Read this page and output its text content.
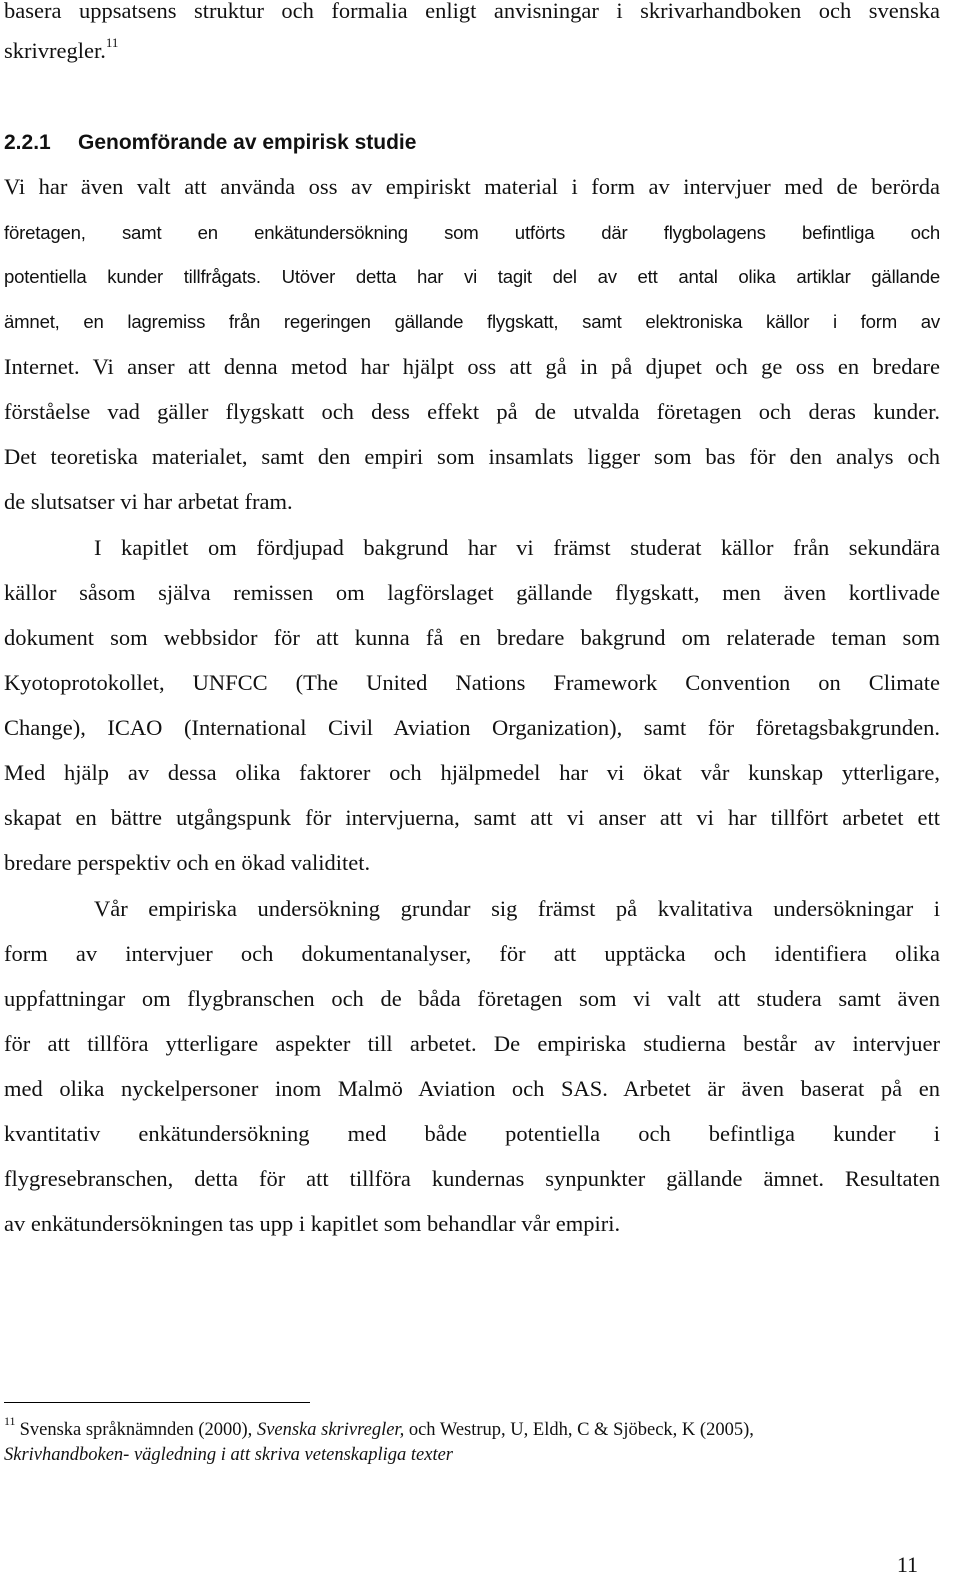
basera uppsatsens struktur och formalia enligt anvisningar i skrivarhandboken och svenska
skrivregler.$^{11}$
2.2.1 Genomförande av empirisk studie
Vi har även valt att använda oss av empiriskt material i form av intervjuer med de berörda
företagen, samt en enkätundersökning som utförts där flygbolagens befintliga och
potentiella kunder tillfrågats. Utöver detta har vi tagit del av ett antal olika artiklar gällande
ämnet, en lagremiss från regeringen gällande flygskatt, samt elektroniska källor i form av
Internet. Vi anser att denna metod har hjälpt oss att gå in på djupet och ge oss en bredare
förståelse vad gäller flygskatt och dess effekt på de utvalda företagen och deras kunder.
Det teoretiska materialet, samt den empiri som insamlats ligger som bas för den analys och
de slutsatser vi har arbetat fram.
I kapitlet om fördjupad bakgrund har vi främst studerat källor från sekundära
källor såsom själva remissen om lagförslaget gällande flygskatt, men även kortlivade
dokument som webbsidor för att kunna få en bredare bakgrund om relaterade teman som
Kyotoprotokollet, UNFCC (The United Nations Framework Convention on Climate
Change), ICAO (International Civil Aviation Organization), samt för företagsbakgrunden.
Med hjälp av dessa olika faktorer och hjälpmedel har vi ökat vår kunskap ytterligare,
skapat en bättre utgångspunk för intervjuerna, samt att vi anser att vi har tillfört arbetet ett
bredare perspektiv och en ökad validitet.
Vår empiriska undersökning grundar sig främst på kvalitativa undersökningar i
form av intervjuer och dokumentanalyser, för att upptäcka och identifiera olika
uppfattningar om flygbranschen och de båda företagen som vi valt att studera samt även
för att tillföra ytterligare aspekter till arbetet. De empiriska studierna består av intervjuer
med olika nyckelpersoner inom Malmö Aviation och SAS. Arbetet är även baserat på en
kvantitativ enkätundersökning med både potentiella och befintliga kunder i
flygresebranschen, detta för att tillföra kundernas synpunkter gällande ämnet. Resultaten
av enkätundersökningen tas upp i kapitlet som behandlar vår empiri.
$^{11}$ Svenska språknämnden (2000), Svenska skrivregler, och Westrup, U, Eldh, C & Sjöbeck, K (2005),
Skrivhandboken- vägledning i att skriva vetenskapliga texter
11
